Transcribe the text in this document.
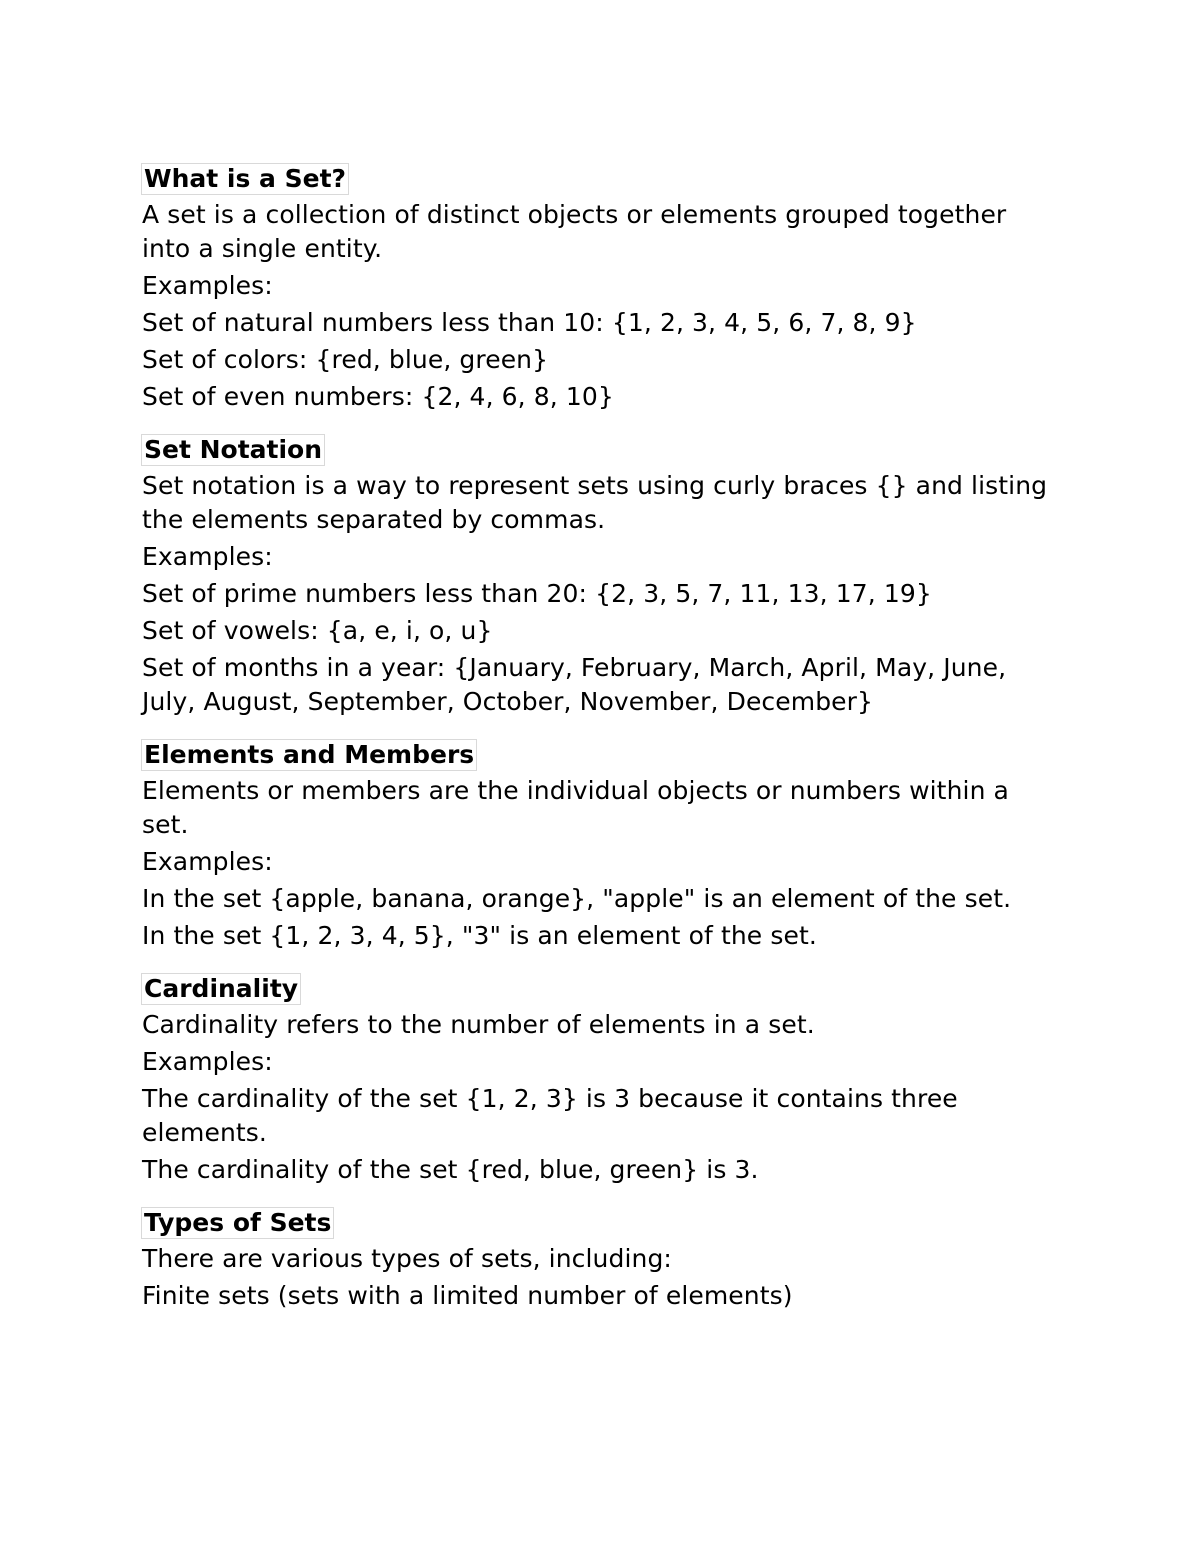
What is a Set?

A set is a collection of distinct objects or elements grouped together into a single entity.

Examples:

Set of natural numbers less than 10: {1, 2, 3, 4, 5, 6, 7, 8, 9}

Set of colors: {red, blue, green}

Set of even numbers: {2, 4, 6, 8, 10}

Set Notation

Set notation is a way to represent sets using curly braces {} and listing the elements separated by commas.

Examples:

Set of prime numbers less than 20: {2, 3, 5, 7, 11, 13, 17, 19}

Set of vowels: {a, e, i, o, u}

Set of months in a year: {January, February, March, April, May, June, July, August, September, October, November, December}

Elements and Members

Elements or members are the individual objects or numbers within a set.

Examples:

In the set {apple, banana, orange}, "apple" is an element of the set.

In the set {1, 2, 3, 4, 5}, "3" is an element of the set.

Cardinality

Cardinality refers to the number of elements in a set.

Examples:

The cardinality of the set {1, 2, 3} is 3 because it contains three elements.

The cardinality of the set {red, blue, green} is 3.

Types of Sets

There are various types of sets, including:

Finite sets (sets with a limited number of elements)
